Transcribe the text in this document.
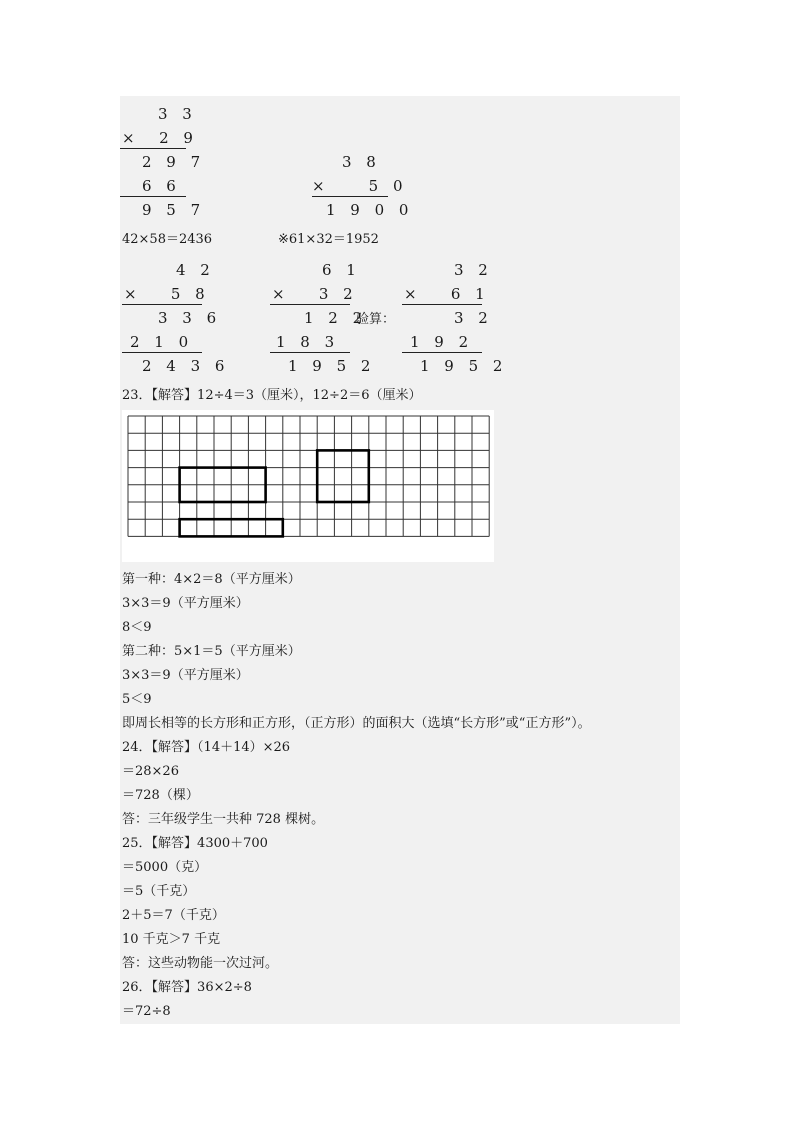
3 3
×  2 9
2 9 7
6 6
9 5 7
3 8
×    5 0
1 9 0 0
42×58＝2436	※61×32＝1952
4 2
×   5 8
3 3 6
2 1 0
2 4 3 6
6 1
×   3 2
1 2 2
1 8 3
1 9 5 2
验算：
3 2
×   6 1
3 2
1 9 2
1 9 5 2
23．【解答】12÷4＝3（厘米），12÷2＝6（厘米）
第一种：4×2＝8（平方厘米）
3×3＝9（平方厘米）
8＜9
第二种：5×1＝5（平方厘米）
3×3＝9（平方厘米）
5＜9
即周长相等的长方形和正方形，（正方形）的面积大（选填“长方形”或“正方形”）。
24．【解答】（14＋14）×26
＝28×26
＝728（棵）
答：三年级学生一共种 728 棵树。
25．【解答】4300＋700
＝5000（克）
＝5（千克）
2＋5＝7（千克）
10 千克＞7 千克
答：这些动物能一次过河。
26．【解答】36×2÷8
＝72÷8
